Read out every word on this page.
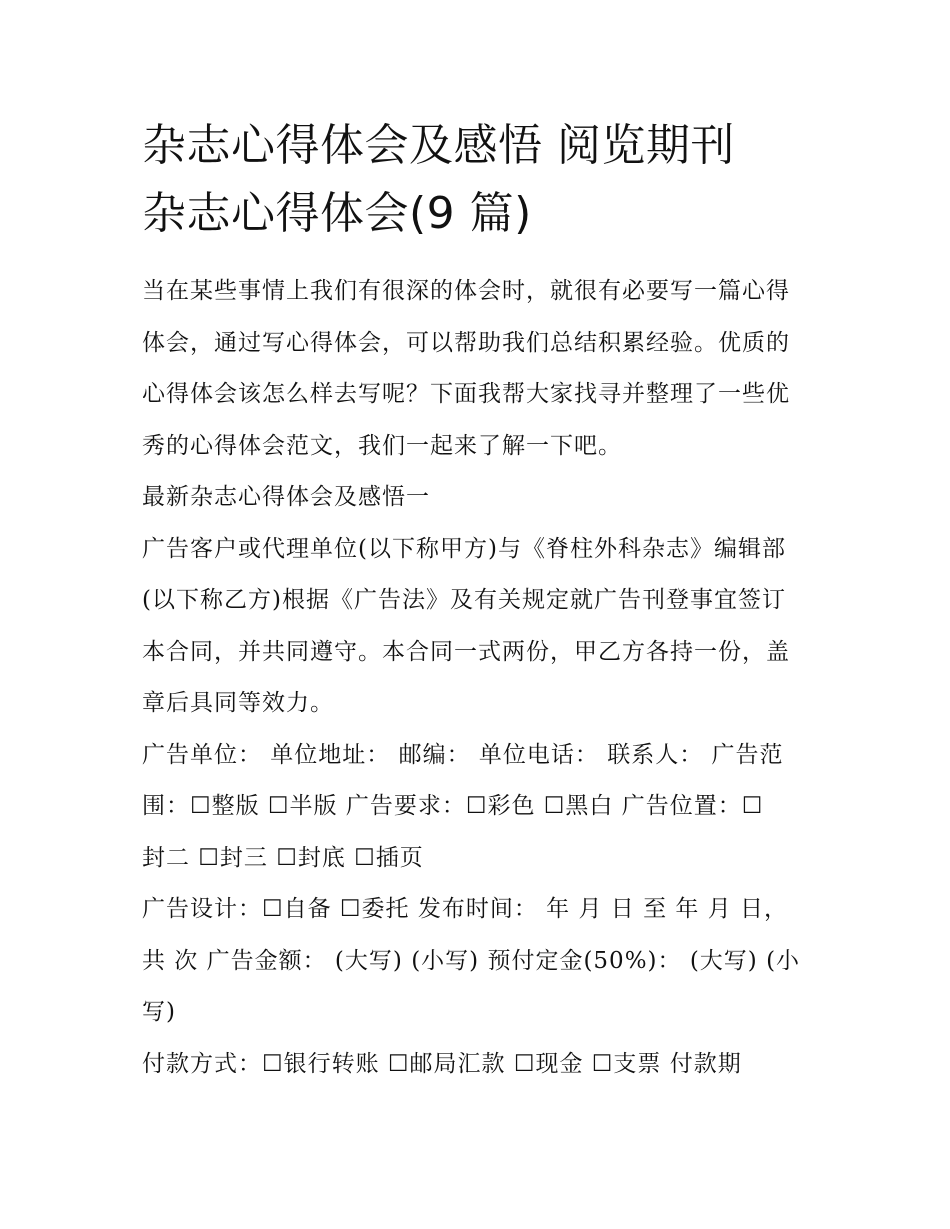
杂志心得体会及感悟 阅览期刊
杂志心得体会(9 篇)
当在某些事情上我们有很深的体会时，就很有必要写一篇心得
体会，通过写心得体会，可以帮助我们总结积累经验。优质的
心得体会该怎么样去写呢？下面我帮大家找寻并整理了一些优
秀的心得体会范文，我们一起来了解一下吧。
最新杂志心得体会及感悟一
广告客户或代理单位(以下称甲方)与《脊柱外科杂志》编辑部
(以下称乙方)根据《广告法》及有关规定就广告刊登事宜签订
本合同，并共同遵守。本合同一式两份，甲乙方各持一份，盖
章后具同等效力。
广告单位： 单位地址： 邮编： 单位电话： 联系人： 广告范
围：☐整版 ☐半版 广告要求：☐彩色 ☐黑白 广告位置：☐
封二 ☐封三 ☐封底 ☐插页
广告设计：☐自备 ☐委托 发布时间： 年 月 日 至 年 月 日，
共 次 广告金额： (大写) (小写) 预付定金(50%)： (大写) (小
写)
付款方式：☐银行转账 ☐邮局汇款 ☐现金 ☐支票 付款期
